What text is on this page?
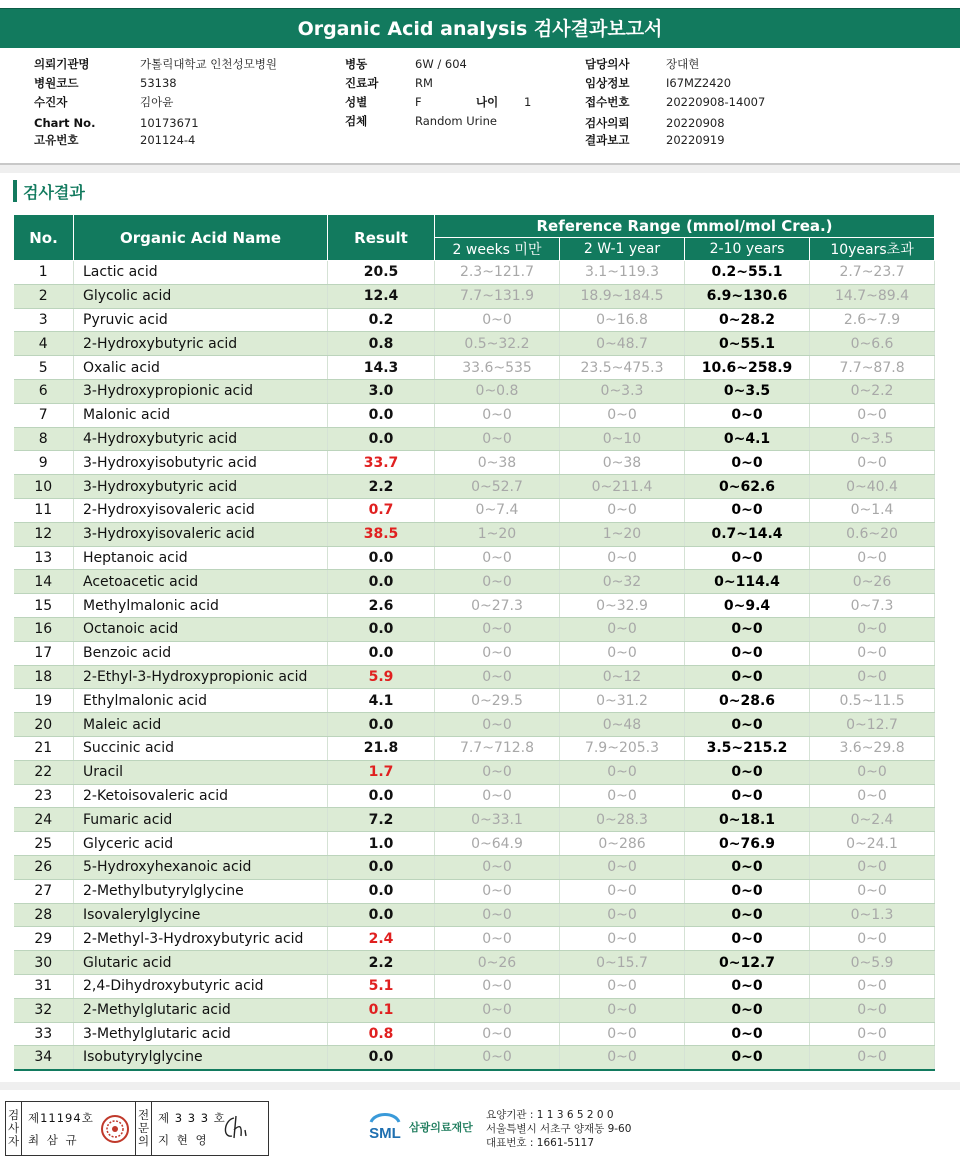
Organic Acid analysis 검사결과보고서
의뢰기관명	가톨릭대학교 인천성모병원
병원코드	53138
수진자	김아윤
Chart No.	10173671
고유번호	201124-4
병동	6W / 604
진료과	RM
성별	F	나이 1
검체	Random Urine
담당의사	장대현
임상정보	I67MZ2420
접수번호	20220908-14007
검사의뢰	20220908
결과보고	20220919
검사결과
No.	Organic Acid Name	Result	Reference Range (mmol/mol Crea.)			
			2 weeks 미만	2 W-1 year	2-10 years	10years초과
1	Lactic acid	20.5	2.3~121.7	3.1~119.3	0.2~55.1	2.7~23.7
2	Glycolic acid	12.4	7.7~131.9	18.9~184.5	6.9~130.6	14.7~89.4
3	Pyruvic acid	0.2	0~0	0~16.8	0~28.2	2.6~7.9
4	2-Hydroxybutyric acid	0.8	0.5~32.2	0~48.7	0~55.1	0~6.6
5	Oxalic acid	14.3	33.6~535	23.5~475.3	10.6~258.9	7.7~87.8
6	3-Hydroxypropionic acid	3.0	0~0.8	0~3.3	0~3.5	0~2.2
7	Malonic acid	0.0	0~0	0~0	0~0	0~0
8	4-Hydroxybutyric acid	0.0	0~0	0~10	0~4.1	0~3.5
9	3-Hydroxyisobutyric acid	33.7	0~38	0~38	0~0	0~0
10	3-Hydroxybutyric acid	2.2	0~52.7	0~211.4	0~62.6	0~40.4
11	2-Hydroxyisovaleric acid	0.7	0~7.4	0~0	0~0	0~1.4
12	3-Hydroxyisovaleric acid	38.5	1~20	1~20	0.7~14.4	0.6~20
13	Heptanoic acid	0.0	0~0	0~0	0~0	0~0
14	Acetoacetic acid	0.0	0~0	0~32	0~114.4	0~26
15	Methylmalonic acid	2.6	0~27.3	0~32.9	0~9.4	0~7.3
16	Octanoic acid	0.0	0~0	0~0	0~0	0~0
17	Benzoic acid	0.0	0~0	0~0	0~0	0~0
18	2-Ethyl-3-Hydroxypropionic acid	5.9	0~0	0~12	0~0	0~0
19	Ethylmalonic acid	4.1	0~29.5	0~31.2	0~28.6	0.5~11.5
20	Maleic acid	0.0	0~0	0~48	0~0	0~12.7
21	Succinic acid	21.8	7.7~712.8	7.9~205.3	3.5~215.2	3.6~29.8
22	Uracil	1.7	0~0	0~0	0~0	0~0
23	2-Ketoisovaleric acid	0.0	0~0	0~0	0~0	0~0
24	Fumaric acid	7.2	0~33.1	0~28.3	0~18.1	0~2.4
25	Glyceric acid	1.0	0~64.9	0~286	0~76.9	0~24.1
26	5-Hydroxyhexanoic acid	0.0	0~0	0~0	0~0	0~0
27	2-Methylbutyrylglycine	0.0	0~0	0~0	0~0	0~0
28	Isovalerylglycine	0.0	0~0	0~0	0~0	0~1.3
29	2-Methyl-3-Hydroxybutyric acid	2.4	0~0	0~0	0~0	0~0
30	Glutaric acid	2.2	0~26	0~15.7	0~12.7	0~5.9
31	2,4-Dihydroxybutyric acid	5.1	0~0	0~0	0~0	0~0
32	2-Methylglutaric acid	0.1	0~0	0~0	0~0	0~0
33	3-Methylglutaric acid	0.8	0~0	0~0	0~0	0~0
34	Isobutyrylglycine	0.0	0~0	0~0	0~0	0~0
검
사
자
제11194호
최 삼 규
전
문
의
제 3 3 3 호
지 현 영	SML 삼광의료재단
요양기관 : 1 1 3 6 5 2 0 0
서울특별시 서초구 양재동 9-60
대표번호 : 1661-5117
